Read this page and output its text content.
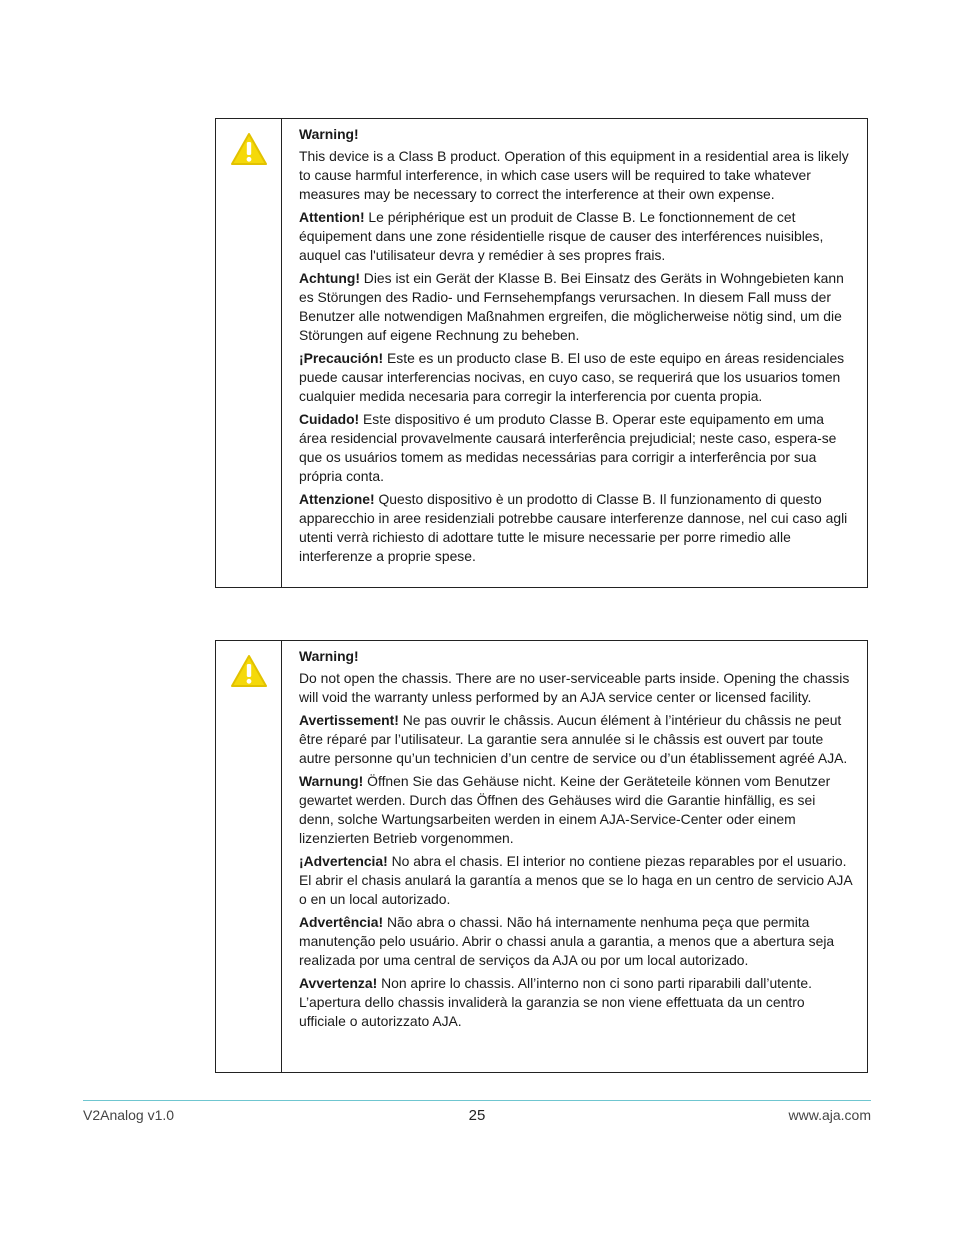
Warning!

This device is a Class B product. Operation of this equipment in a residential area is likely to cause harmful interference, in which case users will be required to take whatever measures may be necessary to correct the interference at their own expense.

Attention! Le périphérique est un produit de Classe B. Le fonctionnement de cet équipement dans une zone résidentielle risque de causer des interférences nuisibles, auquel cas l'utilisateur devra y remédier à ses propres frais.

Achtung! Dies ist ein Gerät der Klasse B. Bei Einsatz des Geräts in Wohngebieten kann es Störungen des Radio- und Fernsehempfangs verursachen. In diesem Fall muss der Benutzer alle notwendigen Maßnahmen ergreifen, die möglicherweise nötig sind, um die Störungen auf eigene Rechnung zu beheben.

¡Precaución! Este es un producto clase B. El uso de este equipo en áreas residenciales puede causar interferencias nocivas, en cuyo caso, se requerirá que los usuarios tomen cualquier medida necesaria para corregir la interferencia por cuenta propia.

Cuidado! Este dispositivo é um produto Classe B. Operar este equipamento em uma área residencial provavelmente causará interferência prejudicial; neste caso, espera-se que os usuários tomem as medidas necessárias para corrigir a interferência por sua própria conta.

Attenzione! Questo dispositivo è un prodotto di Classe B. Il funzionamento di questo apparecchio in aree residenziali potrebbe causare interferenze dannose, nel cui caso agli utenti verrà richiesto di adottare tutte le misure necessarie per porre rimedio alle interferenze a proprie spese.

Warning!

Do not open the chassis. There are no user-serviceable parts inside. Opening the chassis will void the warranty unless performed by an AJA service center or licensed facility.

Avertissement! Ne pas ouvrir le châssis. Aucun élément à l’intérieur du châssis ne peut être réparé par l’utilisateur. La garantie sera annulée si le châssis est ouvert par toute autre personne qu’un technicien d’un centre de service ou d’un établissement agréé AJA.

Warnung! Öffnen Sie das Gehäuse nicht. Keine der Geräteteile können vom Benutzer gewartet werden. Durch das Öffnen des Gehäuses wird die Garantie hinfällig, es sei denn, solche Wartungsarbeiten werden in einem AJA-Service-Center oder einem lizenzierten Betrieb vorgenommen.

¡Advertencia! No abra el chasis. El interior no contiene piezas reparables por el usuario. El abrir el chasis anulará la garantía a menos que se lo haga en un centro de servicio AJA o en un local autorizado.

Advertência! Não abra o chassi. Não há internamente nenhuma peça que permita manutenção pelo usuário. Abrir o chassi anula a garantia, a menos que a abertura seja realizada por uma central de serviços da AJA ou por um local autorizado.

Avvertenza! Non aprire lo chassis. All’interno non ci sono parti riparabili dall’utente. L’apertura dello chassis invaliderà la garanzia se non viene effettuata da un centro ufficiale o autorizzato AJA.

V2Analog v1.0	25	www.aja.com
